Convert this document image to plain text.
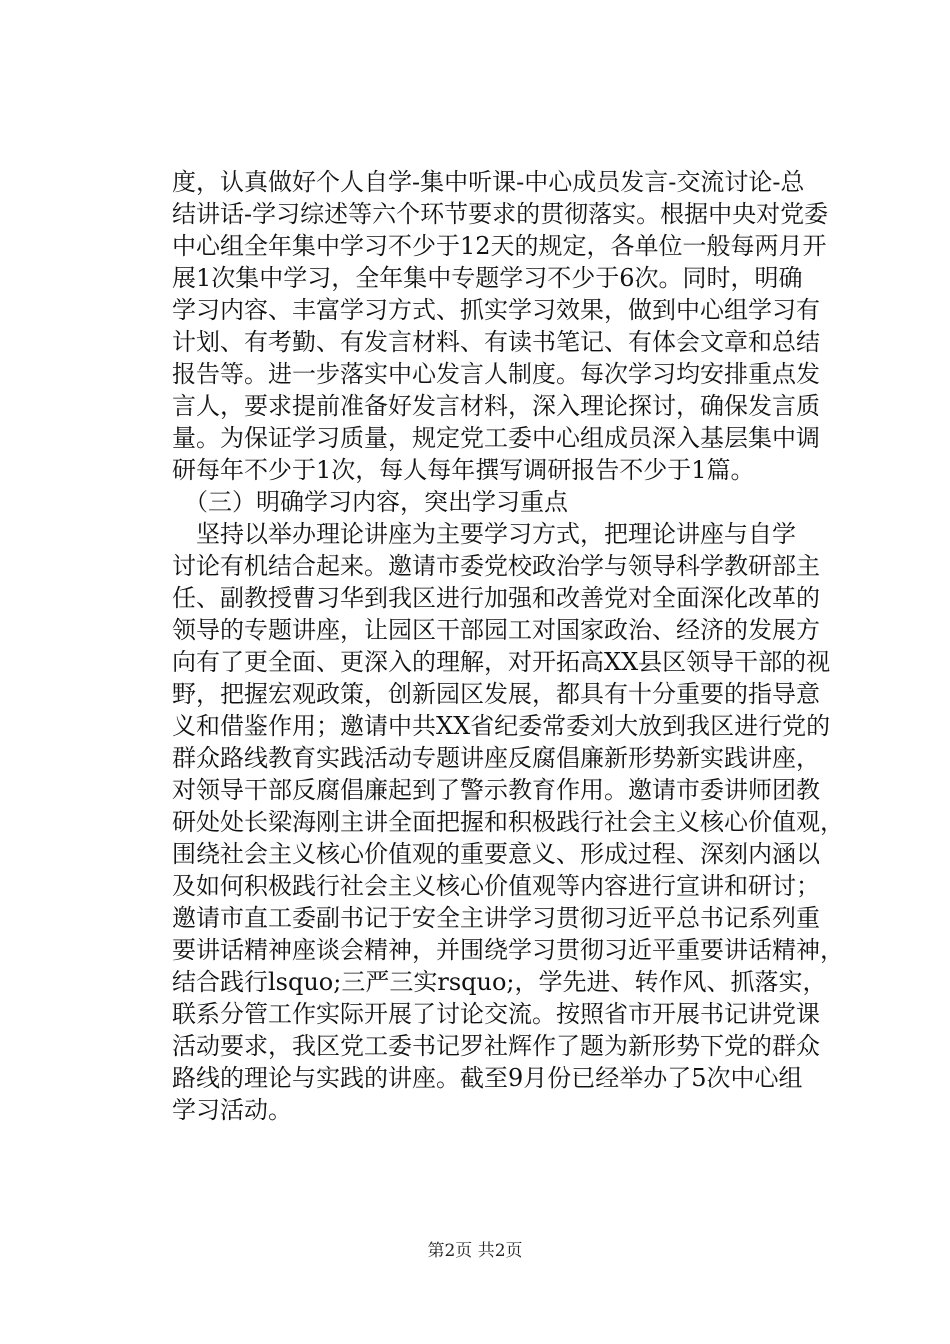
度，认真做好个人自学-集中听课-中心成员发言-交流讨论-总
结讲话-学习综述等六个环节要求的贯彻落实。根据中央对党委
中心组全年集中学习不少于12天的规定，各单位一般每两月开
展1次集中学习，全年集中专题学习不少于6次。同时，明确
学习内容、丰富学习方式、抓实学习效果，做到中心组学习有
计划、有考勤、有发言材料、有读书笔记、有体会文章和总结
报告等。进一步落实中心发言人制度。每次学习均安排重点发
言人，要求提前准备好发言材料，深入理论探讨，确保发言质
量。为保证学习质量，规定党工委中心组成员深入基层集中调
研每年不少于1次，每人每年撰写调研报告不少于1篇。
（三）明确学习内容，突出学习重点
坚持以举办理论讲座为主要学习方式，把理论讲座与自学
讨论有机结合起来。邀请市委党校政治学与领导科学教研部主
任、副教授曹习华到我区进行加强和改善党对全面深化改革的
领导的专题讲座，让园区干部园工对国家政治、经济的发展方
向有了更全面、更深入的理解，对开拓高XX县区领导干部的视
野，把握宏观政策，创新园区发展，都具有十分重要的指导意
义和借鉴作用；邀请中共XX省纪委常委刘大放到我区进行党的
群众路线教育实践活动专题讲座反腐倡廉新形势新实践讲座，
对领导干部反腐倡廉起到了警示教育作用。邀请市委讲师团教
研处处长梁海刚主讲全面把握和积极践行社会主义核心价值观，
围绕社会主义核心价值观的重要意义、形成过程、深刻内涵以
及如何积极践行社会主义核心价值观等内容进行宣讲和研讨；
邀请市直工委副书记于安全主讲学习贯彻习近平总书记系列重
要讲话精神座谈会精神，并围绕学习贯彻习近平重要讲话精神，
结合践行lsquo;三严三实rsquo;，学先进、转作风、抓落实，
联系分管工作实际开展了讨论交流。按照省市开展书记讲党课
活动要求，我区党工委书记罗社辉作了题为新形势下党的群众
路线的理论与实践的讲座。截至9月份已经举办了5次中心组
学习活动。
第2页 共2页
